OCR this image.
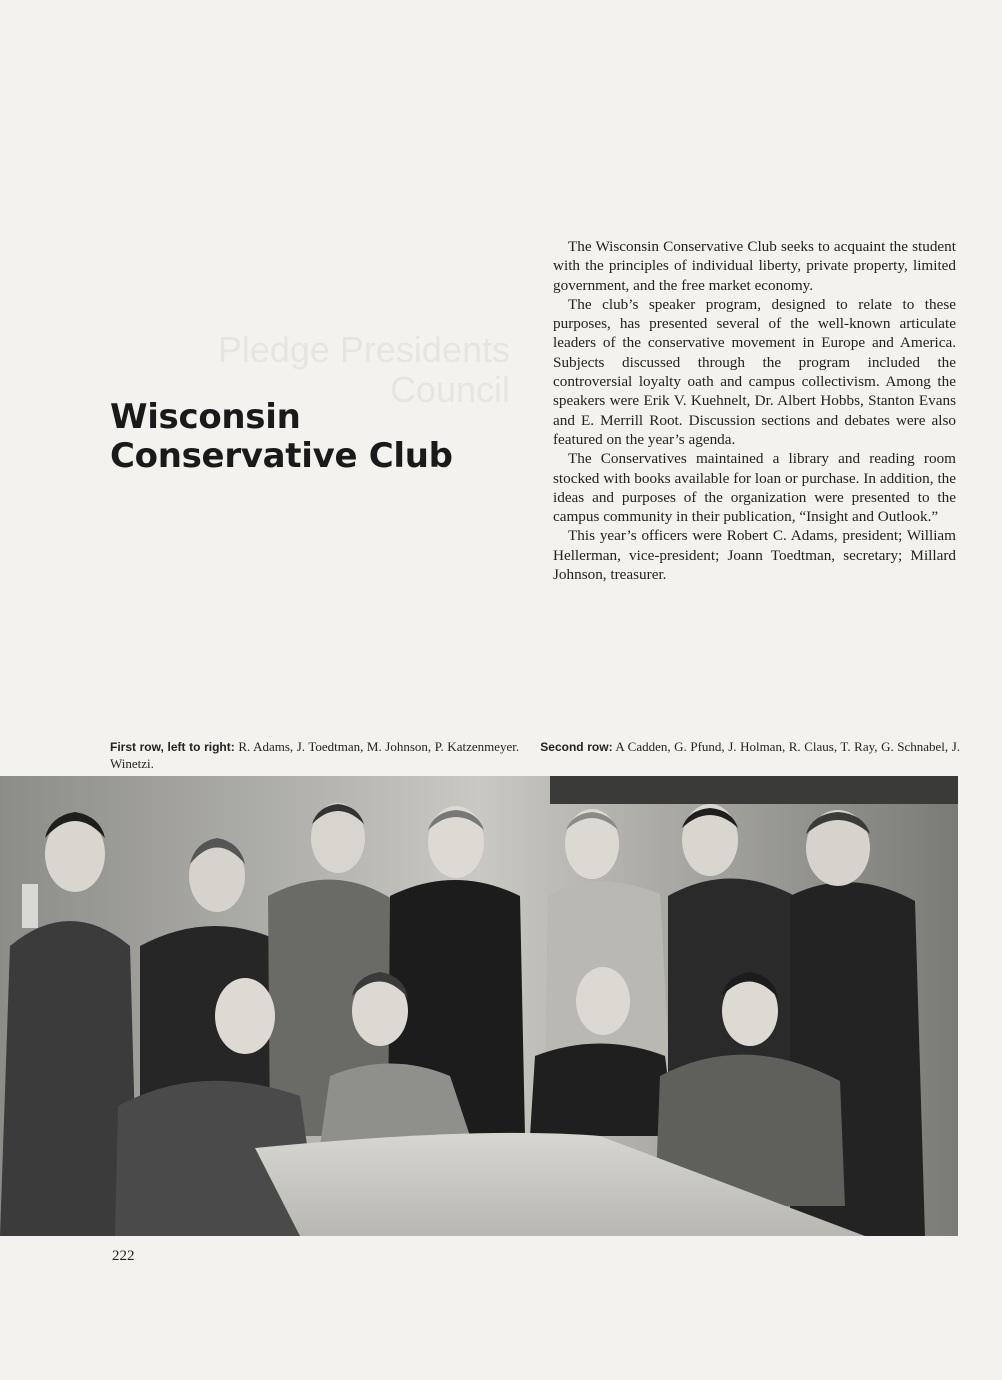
Pledge Presidents
Council
Wisconsin Conservative Club

The Wisconsin Conservative Club seeks to acquaint the student with the principles of individual liberty, private property, limited government, and the free market economy.

The club’s speaker program, designed to relate to these purposes, has presented several of the well-known articulate leaders of the conservative movement in Europe and America. Subjects discussed through the program included the controversial loyalty oath and campus collectivism. Among the speakers were Erik V. Kuehnelt, Dr. Albert Hobbs, Stanton Evans and E. Merrill Root. Discussion sections and debates were also featured on the year’s agenda.

The Conservatives maintained a library and reading room stocked with books available for loan or purchase. In addition, the ideas and purposes of the organization were presented to the campus community in their publication, “Insight and Outlook.”

This year’s officers were Robert C. Adams, president; William Hellerman, vice-president; Joann Toedtman, secretary; Millard Johnson, treasurer.

First row, left to right: R. Adams, J. Toedtman, M. Johnson, P. Katzenmeyer. Second row: A Cadden, G. Pfund, J. Holman, R. Claus, T. Ray, G. Schnabel, J. Winetzi.
222
